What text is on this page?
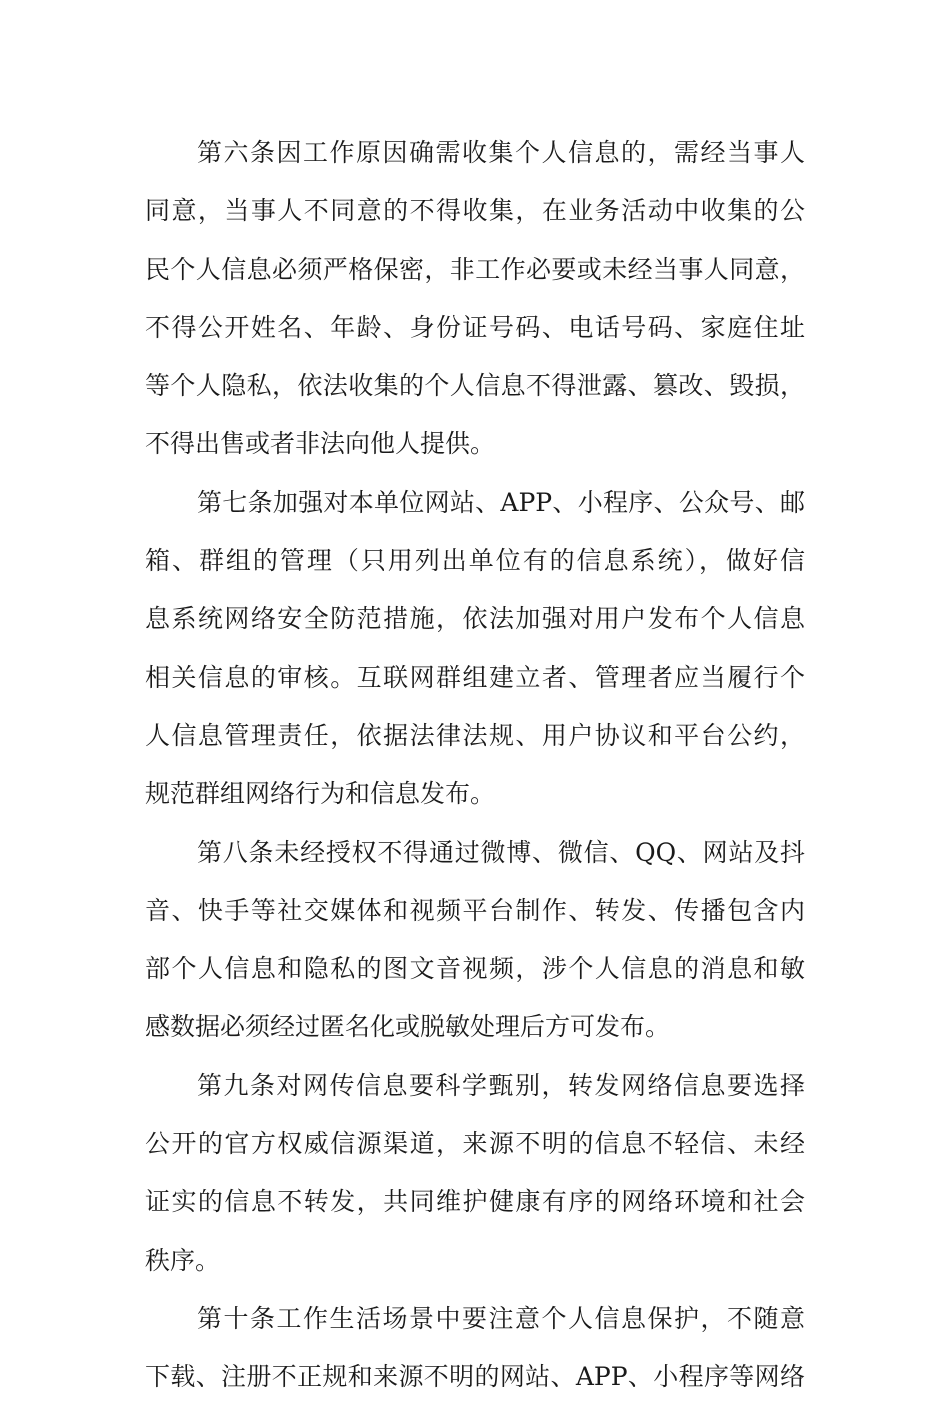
第六条因工作原因确需收集个人信息的，需经当事人
同意，当事人不同意的不得收集，在业务活动中收集的公
民个人信息必须严格保密，非工作必要或未经当事人同意，
不得公开姓名、年龄、身份证号码、电话号码、家庭住址
等个人隐私，依法收集的个人信息不得泄露、篡改、毁损，
不得出售或者非法向他人提供。

第七条加强对本单位网站、APP、小程序、公众号、邮
箱、群组的管理（只用列出单位有的信息系统），做好信
息系统网络安全防范措施，依法加强对用户发布个人信息
相关信息的审核。互联网群组建立者、管理者应当履行个
人信息管理责任，依据法律法规、用户协议和平台公约，
规范群组网络行为和信息发布。

第八条未经授权不得通过微博、微信、QQ、网站及抖
音、快手等社交媒体和视频平台制作、转发、传播包含内
部个人信息和隐私的图文音视频，涉个人信息的消息和敏
感数据必须经过匿名化或脱敏处理后方可发布。

第九条对网传信息要科学甄别，转发网络信息要选择
公开的官方权威信源渠道，来源不明的信息不轻信、未经
证实的信息不转发，共同维护健康有序的网络环境和社会
秩序。

第十条工作生活场景中要注意个人信息保护，不随意
下载、注册不正规和来源不明的网站、APP、小程序等网络
